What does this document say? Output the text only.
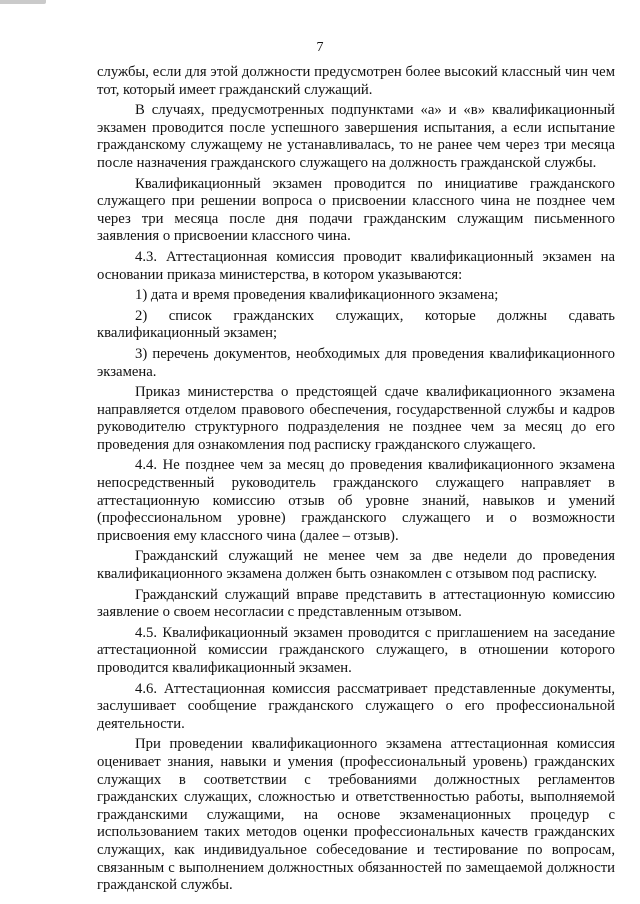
7

службы, если для этой должности предусмотрен более высокий классный чин чем тот, который имеет гражданский служащий.

В случаях, предусмотренных подпунктами «а» и «в» квалификационный экзамен проводится после успешного завершения испытания, а если испытание гражданскому служащему не устанавливалась, то не ранее чем через три месяца после назначения гражданского служащего на должность гражданской службы.

Квалификационный экзамен проводится по инициативе гражданского служащего при решении вопроса о присвоении классного чина не позднее чем через три месяца после дня подачи гражданским служащим письменного заявления о присвоении классного чина.

4.3. Аттестационная комиссия проводит квалификационный экзамен на основании приказа министерства, в котором указываются:

1) дата и время проведения квалификационного экзамена;

2) список гражданских служащих, которые должны сдавать квалификационный экзамен;

3) перечень документов, необходимых для проведения квалификационного экзамена.

Приказ министерства о предстоящей сдаче квалификационного экзамена направляется отделом правового обеспечения, государственной службы и кадров руководителю структурного подразделения не позднее чем за месяц до его проведения для ознакомления под расписку гражданского служащего.

4.4. Не позднее чем за месяц до проведения квалификационного экзамена непосредственный руководитель гражданского служащего направляет в аттестационную комиссию отзыв об уровне знаний, навыков и умений (профессиональном уровне) гражданского служащего и о возможности присвоения ему классного чина (далее – отзыв).

Гражданский служащий не менее чем за две недели до проведения квалификационного экзамена должен быть ознакомлен с отзывом под расписку.

Гражданский служащий вправе представить в аттестационную комиссию заявление о своем несогласии с представленным отзывом.

4.5. Квалификационный экзамен проводится с приглашением на заседание аттестационной комиссии гражданского служащего, в отношении которого проводится квалификационный экзамен.

4.6. Аттестационная комиссия рассматривает представленные документы, заслушивает сообщение гражданского служащего о его профессиональной деятельности.

При проведении квалификационного экзамена аттестационная комиссия оценивает знания, навыки и умения (профессиональный уровень) гражданских служащих в соответствии с требованиями должностных регламентов гражданских служащих, сложностью и ответственностью работы, выполняемой гражданскими служащими, на основе экзаменационных процедур с использованием таких методов оценки профессиональных качеств гражданских служащих, как индивидуальное собеседование и тестирование по вопросам, связанным с выполнением должностных обязанностей по замещаемой должности гражданской службы.
